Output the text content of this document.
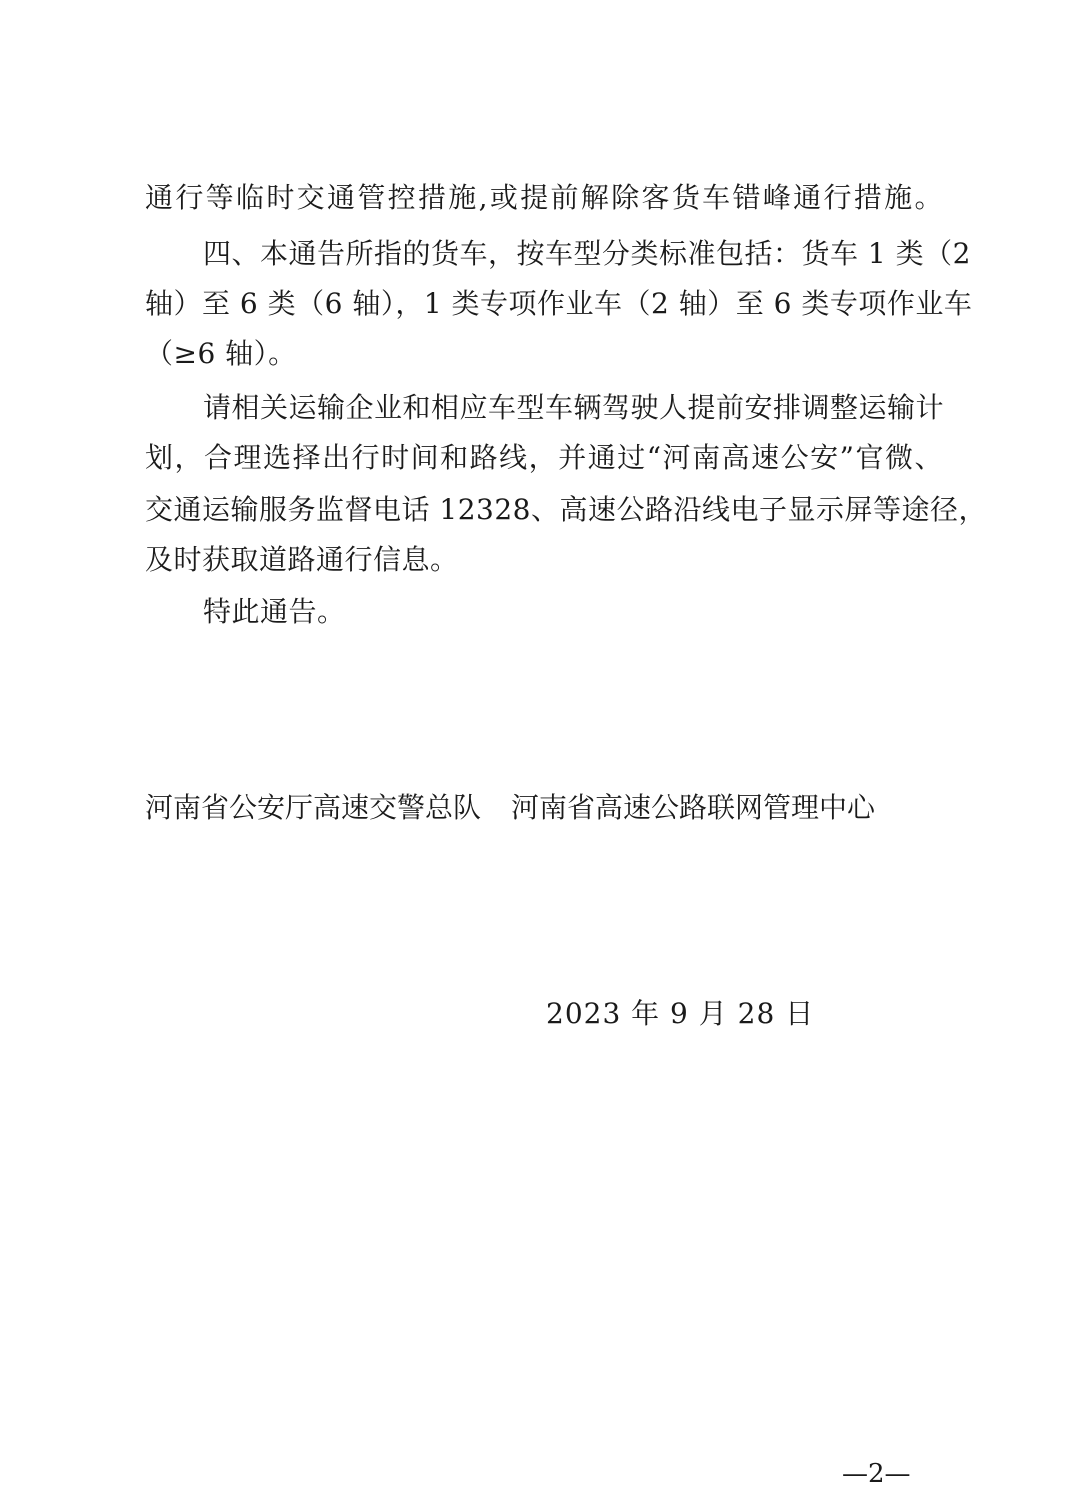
通行等临时交通管控措施,或提前解除客货车错峰通行措施。
四、本通告所指的货车，按车型分类标准包括：货车 1 类（2
轴）至 6 类（6 轴），1 类专项作业车（2 轴）至 6 类专项作业车
（≥6 轴）。
请相关运输企业和相应车型车辆驾驶人提前安排调整运输计
划，合理选择出行时间和路线，并通过“河南高速公安”官微、
交通运输服务监督电话 12328、高速公路沿线电子显示屏等途径，
及时获取道路通行信息。
特此通告。
河南省公安厅高速交警总队 河南省高速公路联网管理中心
2023 年 9 月 28 日
—2—
